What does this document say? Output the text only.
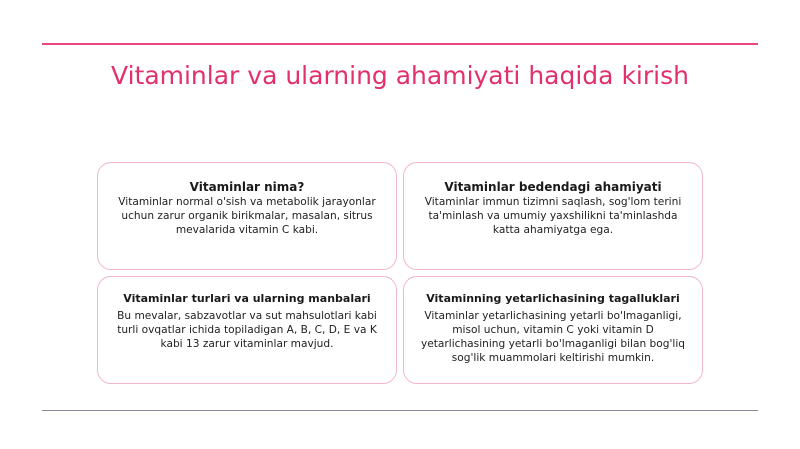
Vitaminlar va ularning ahamiyati haqida kirish
Vitaminlar nima?

Vitaminlar normal o'sish va metabolik jarayonlar uchun zarur organik birikmalar, masalan, sitrus mevalarida vitamin C kabi.

Vitaminlar bedendagi ahamiyati

Vitaminlar immun tizimni saqlash, sog'lom terini ta'minlash va umumiy yaxshilikni ta'minlashda katta ahamiyatga ega.

Vitaminlar turlari va ularning manbalari

Bu mevalar, sabzavotlar va sut mahsulotlari kabi turli ovqatlar ichida topiladigan A, B, C, D, E va K kabi 13 zarur vitaminlar mavjud.

Vitaminning yetarlichasining tagalluklari

Vitaminlar yetarlichasining yetarli bo'lmaganligi, misol uchun, vitamin C yoki vitamin D yetarlichasining yetarli bo'lmaganligi bilan bog'liq sog'lik muammolari keltirishi mumkin.
